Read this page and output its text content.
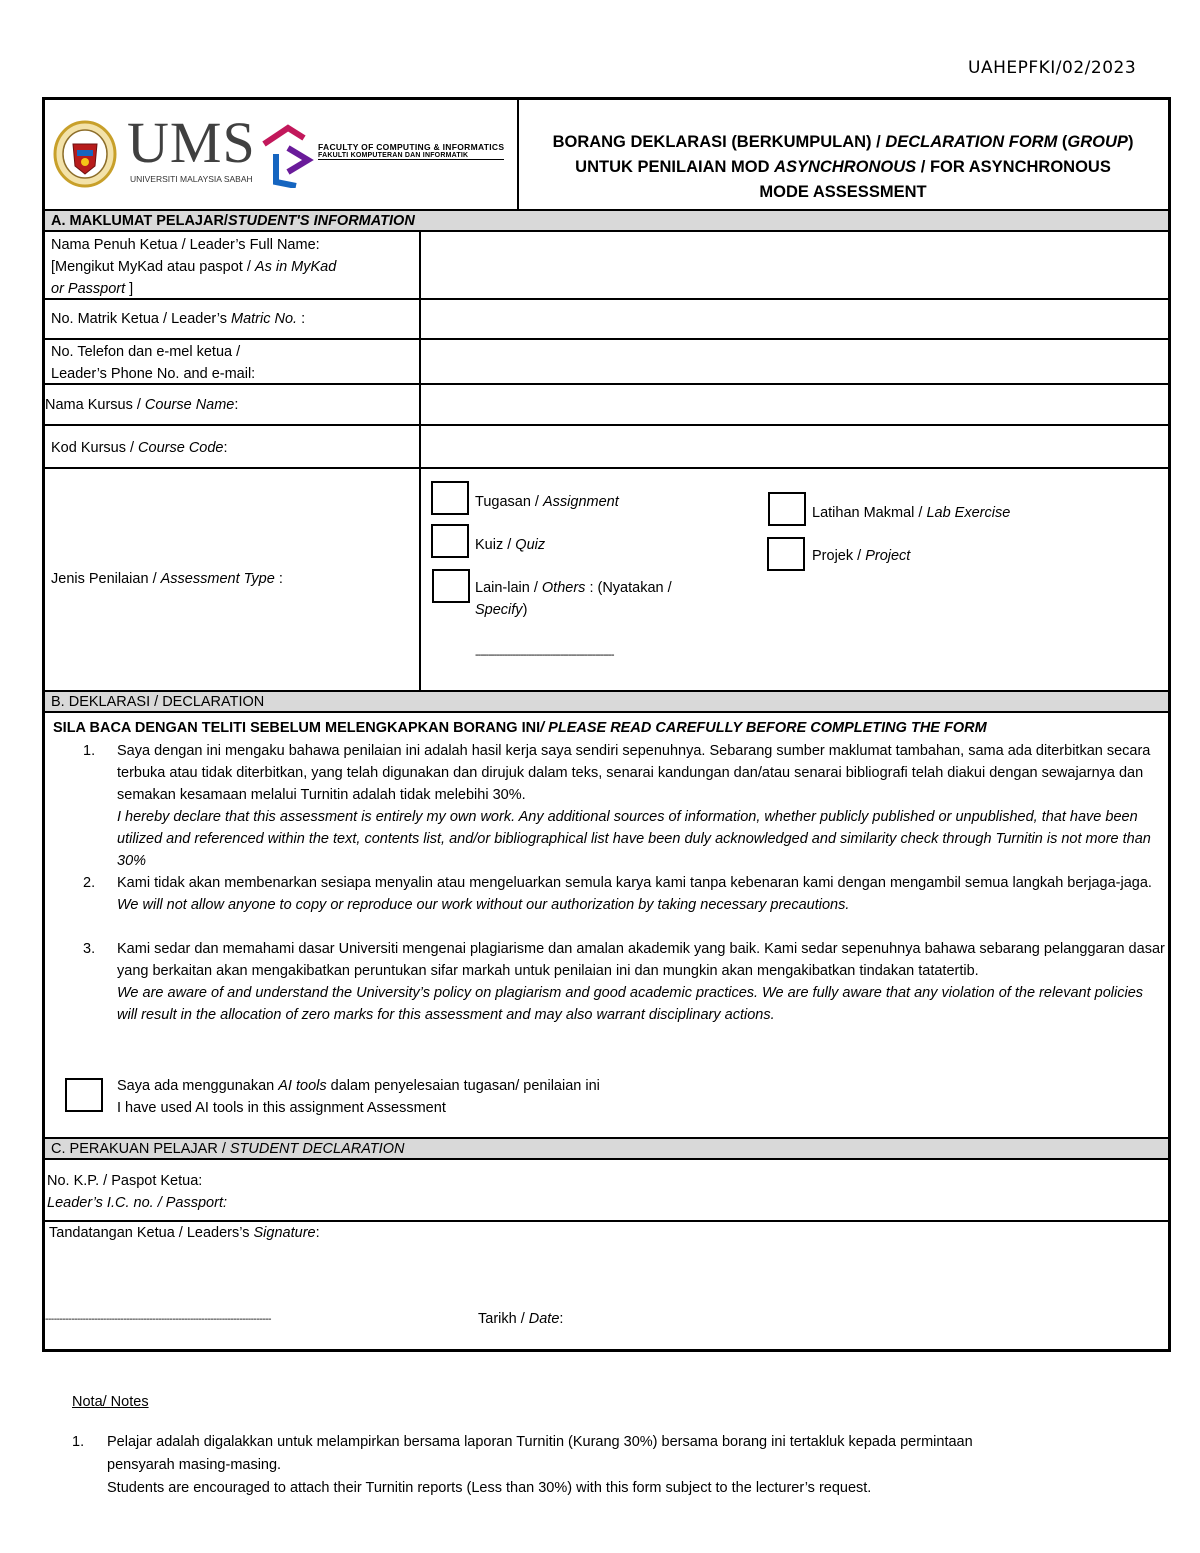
UAHEPFKI/02/2023
UMS
UNIVERSITI MALAYSIA SABAH
FACULTY OF COMPUTING & INFORMATICS
FAKULTI KOMPUTERAN DAN INFORMATIK
BORANG DEKLARASI (BERKUMPULAN) / DECLARATION FORM (GROUP)
UNTUK PENILAIAN MOD ASYNCHRONOUS / FOR ASYNCHRONOUS
MODE ASSESSMENT
A. MAKLUMAT PELAJAR/STUDENT'S INFORMATION
Nama Penuh Ketua / Leader’s Full Name:
[Mengikut MyKad atau paspot / As in MyKad
or Passport ]
No. Matrik Ketua / Leader’s Matric No. :
No. Telefon dan e-mel ketua /
Leader’s Phone No. and e-mail:
Nama Kursus / Course Name:
Kod Kursus / Course Code:
Jenis Penilaian / Assessment Type :
Tugasan / Assignment
Kuiz / Quiz
Lain-lain / Others : (Nyatakan /
Specify)
----------------------------------------------------
Latihan Makmal / Lab Exercise
Projek / Project
B. DEKLARASI / DECLARATION
SILA BACA DENGAN TELITI SEBELUM MELENGKAPKAN BORANG INI/ PLEASE READ CAREFULLY BEFORE COMPLETING THE FORM
1. Saya dengan ini mengaku bahawa penilaian ini adalah hasil kerja saya sendiri sepenuhnya. Sebarang sumber maklumat tambahan, sama ada diterbitkan secara terbuka atau tidak diterbitkan, yang telah digunakan dan dirujuk dalam teks, senarai kandungan dan/atau senarai bibliografi telah diakui dengan sewajarnya dan semakan kesamaan melalui Turnitin adalah tidak melebihi 30%.
I hereby declare that this assessment is entirely my own work. Any additional sources of information, whether publicly published or unpublished, that have been utilized and referenced within the text, contents list, and/or bibliographical list have been duly acknowledged and similarity check through Turnitin is not more than 30%
2. Kami tidak akan membenarkan sesiapa menyalin atau mengeluarkan semula karya kami tanpa kebenaran kami dengan mengambil semua langkah berjaga-jaga.
We will not allow anyone to copy or reproduce our work without our authorization by taking necessary precautions.
3. Kami sedar dan memahami dasar Universiti mengenai plagiarisme dan amalan akademik yang baik. Kami sedar sepenuhnya bahawa sebarang pelanggaran dasar yang berkaitan akan mengakibatkan peruntukan sifar markah untuk penilaian ini dan mungkin akan mengakibatkan tindakan tatatertib.
We are aware of and understand the University’s policy on plagiarism and good academic practices. We are fully aware that any violation of the relevant policies will result in the allocation of zero marks for this assessment and may also warrant disciplinary actions.
Saya ada menggunakan AI tools dalam penyelesaian tugasan/ penilaian ini
I have used AI tools in this assignment Assessment
C. PERAKUAN PELAJAR / STUDENT DECLARATION
No. K.P. / Paspot Ketua:
Leader’s I.C. no. / Passport:
Tandatangan Ketua / Leaders’s Signature:
------------------------------------------------------------------------------	Tarikh / Date:
Nota/ Notes
1. Pelajar adalah digalakkan untuk melampirkan bersama laporan Turnitin (Kurang 30%) bersama borang ini tertakluk kepada permintaan
pensyarah masing-masing.
Students are encouraged to attach their Turnitin reports (Less than 30%) with this form subject to the lecturer’s request.
